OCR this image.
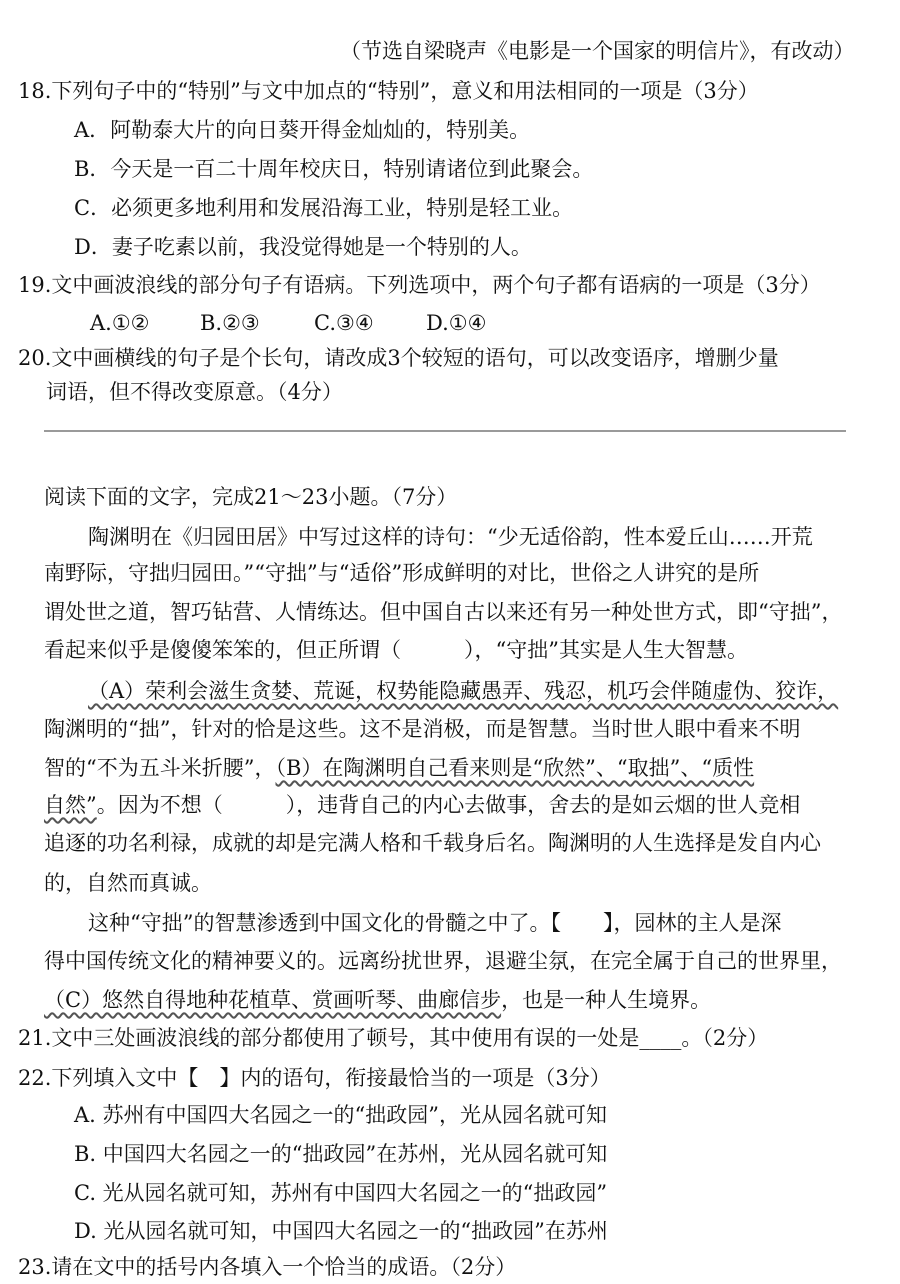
（节选自梁晓声《电影是一个国家的明信片》，有改动）
18.下列句子中的“特别”与文中加点的“特别”，意义和用法相同的一项是（3分）
A．阿勒泰大片的向日葵开得金灿灿的，特别美。
B．今天是一百二十周年校庆日，特别请诸位到此聚会。
C．必须更多地利用和发展沿海工业，特别是轻工业。
D．妻子吃素以前，我没觉得她是一个特别的人。
19.文中画波浪线的部分句子有语病。下列选项中，两个句子都有语病的一项是（3分）
A.①② B.②③	C.③④ D.①④
20.文中画横线的句子是个长句，请改成3个较短的语句，可以改变语序，增删少量
词语，但不得改变原意。（4分）
阅读下面的文字，完成21～23小题。（7分）
陶渊明在《归园田居》中写过这样的诗句：“少无适俗韵，性本爱丘山……开荒
南野际，守拙归园田。”“守拙”与“适俗”形成鲜明的对比，世俗之人讲究的是所
谓处世之道，智巧钻营、人情练达。但中国自古以来还有另一种处世方式，即“守拙”，
看起来似乎是傻傻笨笨的，但正所谓（　　　），“守拙”其实是人生大智慧。
（A）荣利会滋生贪婪、荒诞，权势能隐藏愚弄、残忍，机巧会伴随虚伪、狡诈，
陶渊明的“拙”，针对的恰是这些。这不是消极，而是智慧。当时世人眼中看来不明
智的“不为五斗米折腰”，（B）在陶渊明自己看来则是“欣然”、“取拙”、“质性
自然”。因为不想（　　　），违背自己的内心去做事，舍去的是如云烟的世人竞相
追逐的功名利禄，成就的却是完满人格和千载身后名。陶渊明的人生选择是发自内心
的，自然而真诚。
这种“守拙”的智慧渗透到中国文化的骨髓之中了。【　　】，园林的主人是深
得中国传统文化的精神要义的。远离纷扰世界，退避尘氛，在完全属于自己的世界里，
（C）悠然自得地种花植草、赏画听琴、曲廊信步，也是一种人生境界。
21.文中三处画波浪线的部分都使用了顿号，其中使用有误的一处是____。（2分）
22.下列填入文中【　】内的语句，衔接最恰当的一项是（3分）
A. 苏州有中国四大名园之一的“拙政园”，光从园名就可知
B. 中国四大名园之一的“拙政园”在苏州，光从园名就可知
C. 光从园名就可知，苏州有中国四大名园之一的“拙政园”
D. 光从园名就可知，中国四大名园之一的“拙政园”在苏州
23.请在文中的括号内各填入一个恰当的成语。（2分）
